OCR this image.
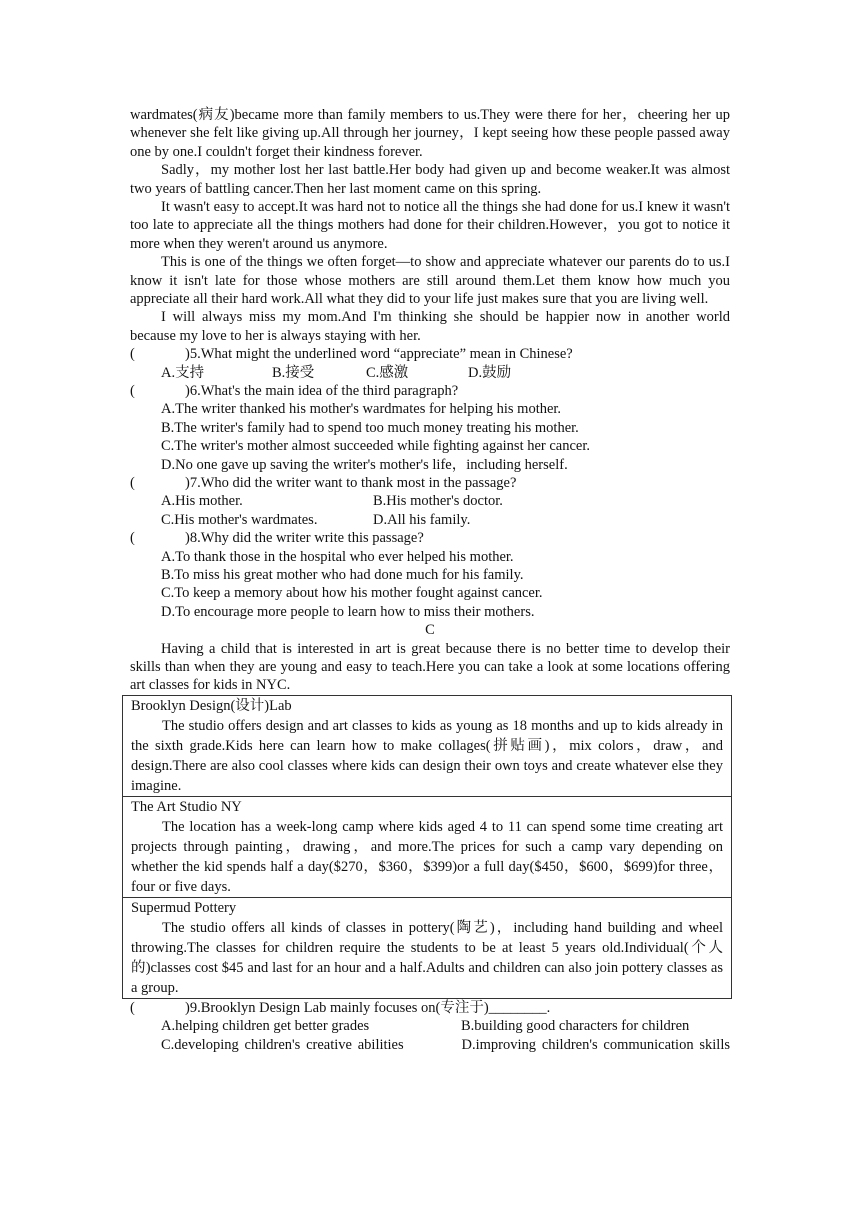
wardmates(病友)became more than family members to us.They were there for her，cheering her up whenever she felt like giving up.All through her journey，I kept seeing how these people passed away one by one.I couldn't forget their kindness forever.

Sadly，my mother lost her last battle.Her body had given up and become weaker.It was almost two years of battling cancer.Then her last moment came on this spring.

It wasn't easy to accept.It was hard not to notice all the things she had done for us.I knew it wasn't too late to appreciate all the things mothers had done for their children.However，you got to notice it more when they weren't around us anymore.

This is one of the things we often forget—to show and appreciate whatever our parents do to us.I know it isn't late for those whose mothers are still around them.Let them know how much you appreciate all their hard work.All what they did to your life just makes sure that you are living well.

I will always miss my mom.And I'm thinking she should be happier now in another world because my love to her is always staying with her.

(	)5.What might the underlined word “appreciate” mean in Chinese?
A.支持	B.接受	C.感激	D.鼓励
(	)6.What's the main idea of the third paragraph?
A.The writer thanked his mother's wardmates for helping his mother.
B.The writer's family had to spend too much money treating his mother.
C.The writer's mother almost succeeded while fighting against her cancer.
D.No one gave up saving the writer's mother's life，including herself.
(	)7.Who did the writer want to thank most in the passage?
A.His mother.	B.His mother's doctor.
C.His mother's wardmates.	D.All his family.
(	)8.Why did the writer write this passage?
A.To thank those in the hospital who ever helped his mother.
B.To miss his great mother who had done much for his family.
C.To keep a memory about how his mother fought against cancer.
D.To encourage more people to learn how to miss their mothers.
C

Having a child that is interested in art is great because there is no better time to develop their skills than when they are young and easy to teach.Here you can take a look at some locations offering art classes for kids in NYC.

Brooklyn Design(设计)Lab

The studio offers design and art classes to kids as young as 18 months and up to kids already in the sixth grade.Kids here can learn how to make collages(拼贴画)，mix colors，draw，and design.There are also cool classes where kids can design their own toys and create whatever else they imagine.

The Art Studio NY

The location has a week-long camp where kids aged 4 to 11 can spend some time creating art projects through painting，drawing，and more.The prices for such a camp vary depending on whether the kid spends half a day($270，$360，$399)or a full day($450，$600，$699)for three，four or five days.

Supermud Pottery

The studio offers all kinds of classes in pottery(陶艺)，including hand building and wheel throwing.The classes for children require the students to be at least 5 years old.Individual(个人的)classes cost $45 and last for an hour and a half.Adults and children can also join pottery classes as a group.

(	)9.Brooklyn Design Lab mainly focuses on(专注于)________.
A.helping children get better grades	B.building good characters for children

C.developing children's creative abilities	D.improving children's communication skills
